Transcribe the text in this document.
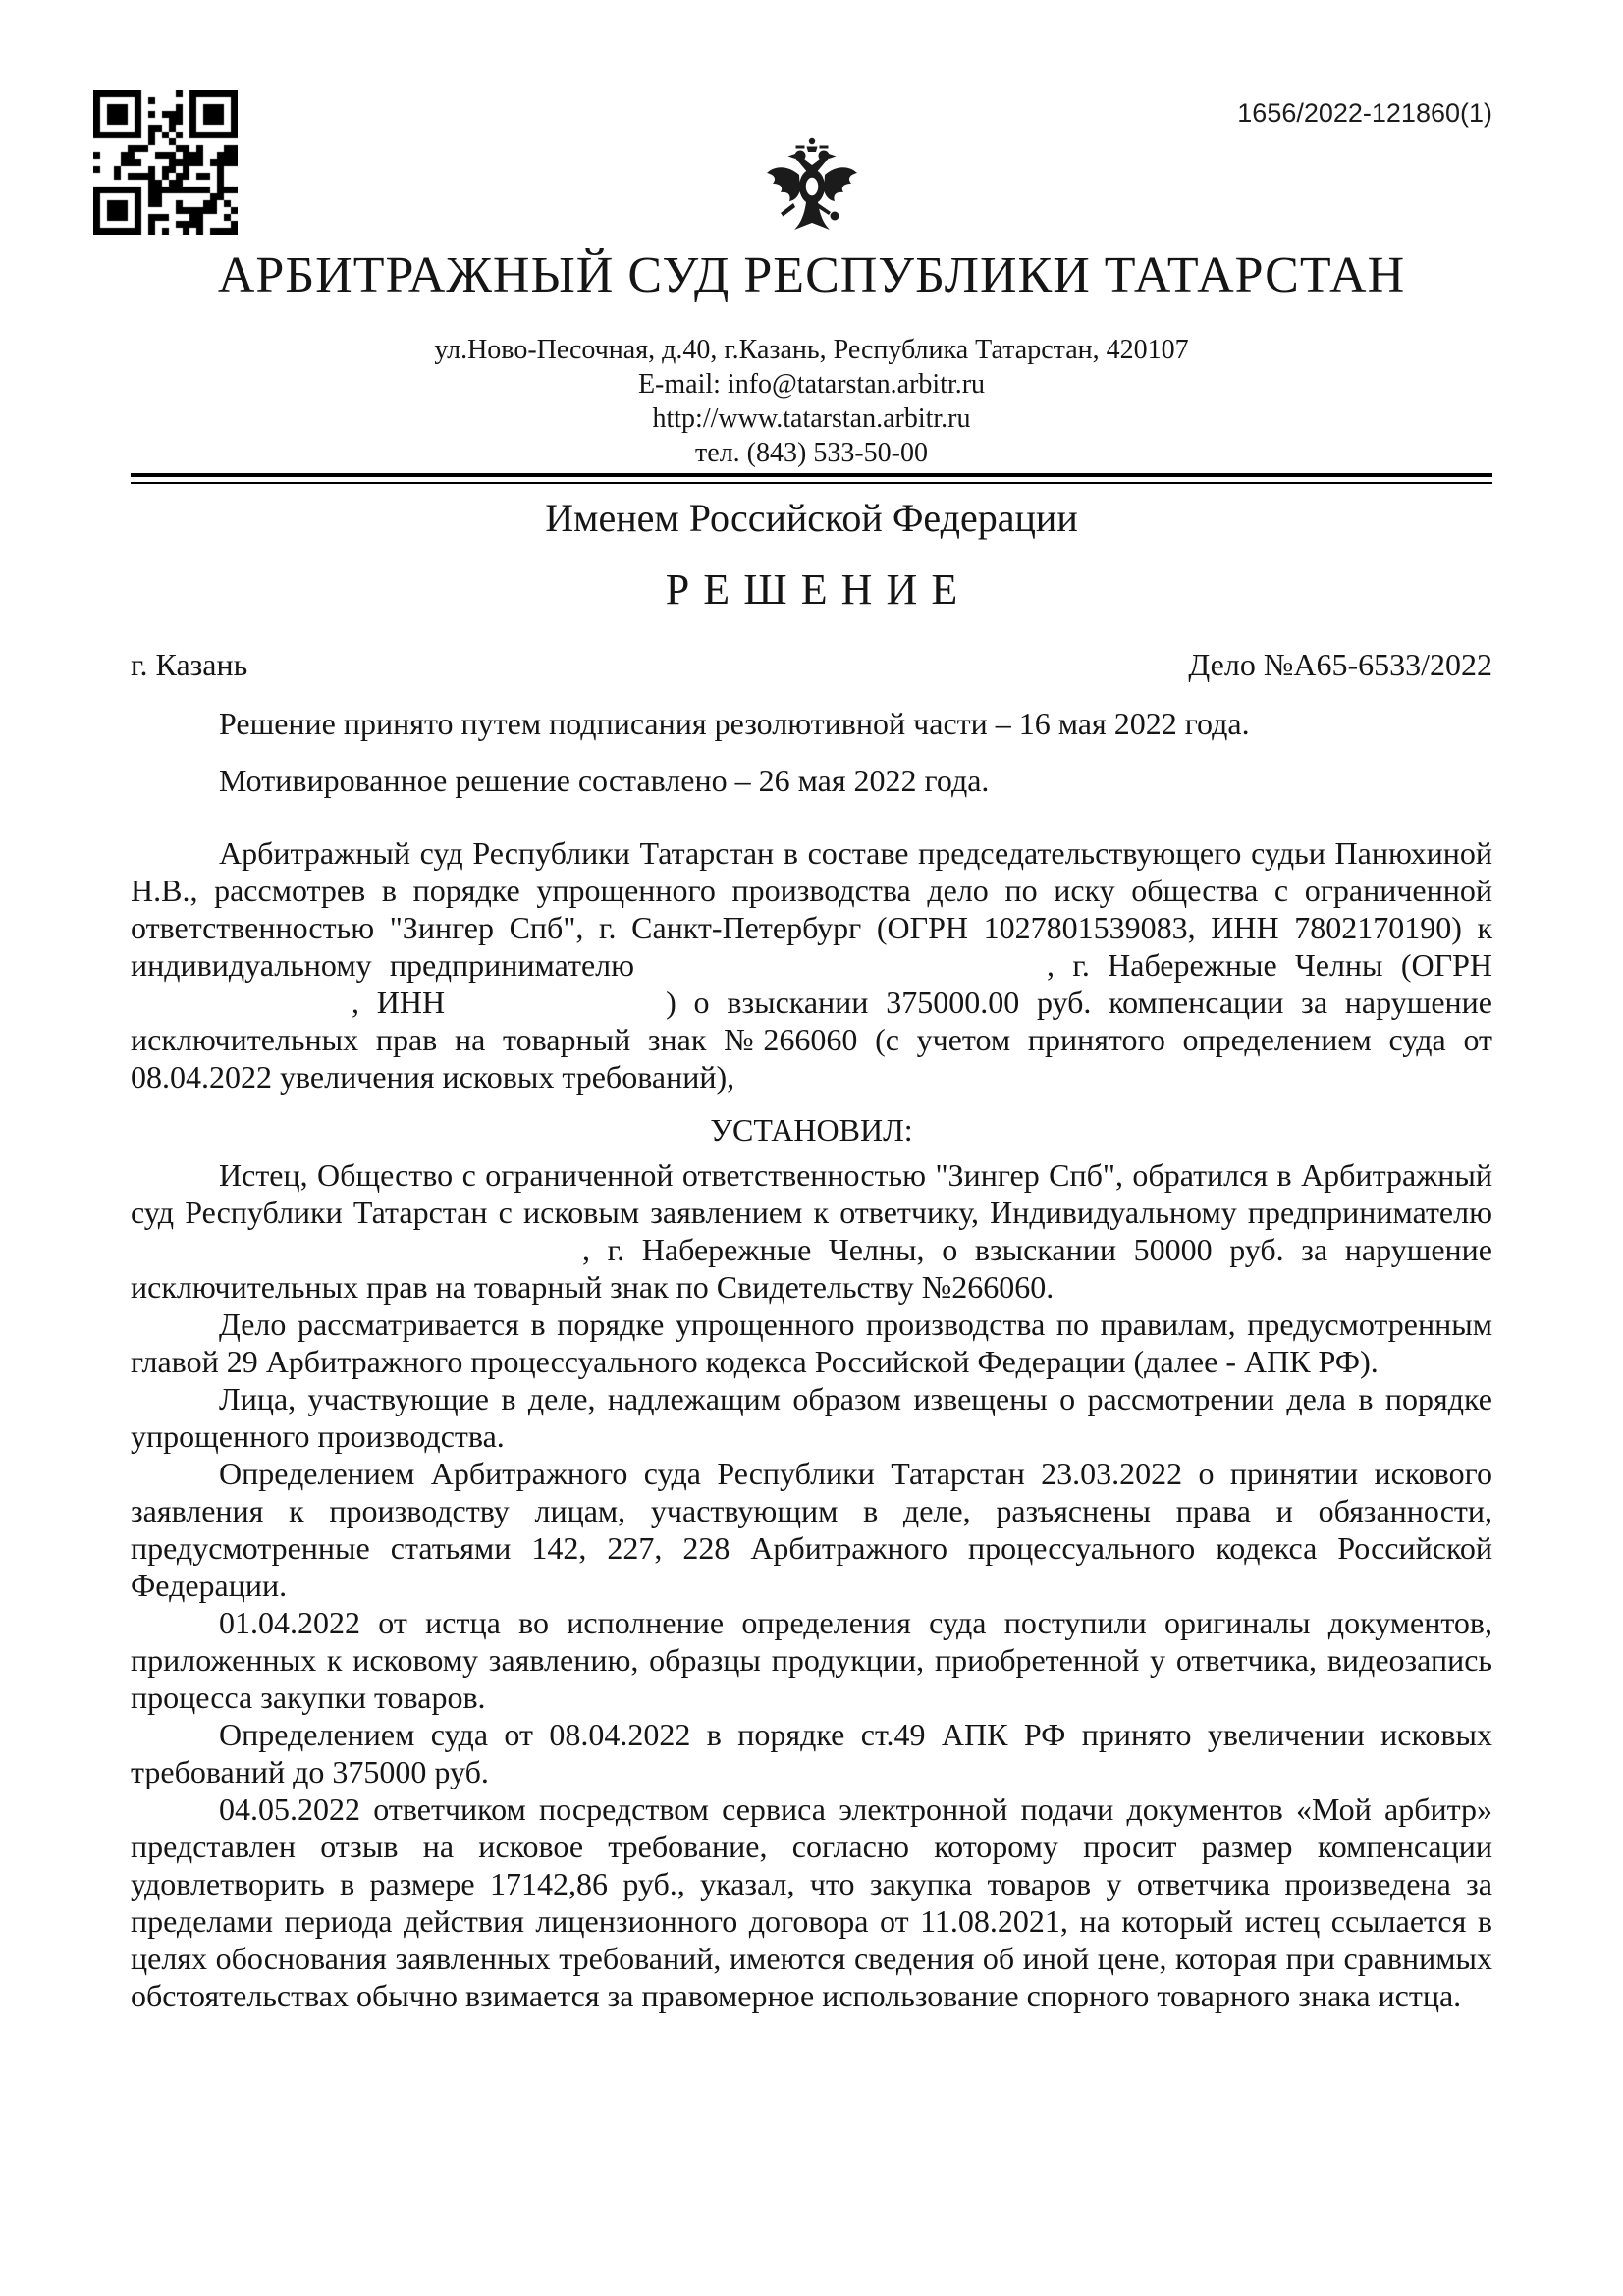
1656/2022-121860(1)
АРБИТРАЖНЫЙ СУД РЕСПУБЛИКИ ТАТАРСТАН
ул.Ново-Песочная, д.40, г.Казань, Республика Татарстан, 420107
E-mail: info@tatarstan.arbitr.ru
http://www.tatarstan.arbitr.ru
тел. (843) 533-50-00
Именем Российской Федерации
РЕШЕНИЕ
г. Казань	Дело №А65-6533/2022
Решение принято путем подписания резолютивной части – 16 мая 2022 года.
Мотивированное решение составлено – 26 мая 2022 года.

Арбитражный суд Республики Татарстан в составе председательствующего судьи Панюхиной Н.В., рассмотрев в порядке упрощенного производства дело по иску общества с ограниченной ответственностью "Зингер Спб", г. Санкт-Петербург (ОГРН 1027801539083, ИНН 7802170190) к индивидуальному предпринимателю	, г. Набережные Челны (ОГРН, ИНН	) о взыскании 375000.00 руб. компенсации за нарушение исключительных прав на товарный знак №266060 (с учетом принятого определением суда от 08.04.2022 увеличения исковых требований),

УСТАНОВИЛ:

Истец, Общество с ограниченной ответственностью "Зингер Спб", обратился в Арбитражный суд Республики Татарстан с исковым заявлением к ответчику, Индивидуальному предпринимателю, г. Набережные Челны, о взыскании 50000 руб. за нарушение исключительных прав на товарный знак по Свидетельству №266060.

Дело рассматривается в порядке упрощенного производства по правилам, предусмотренным главой 29 Арбитражного процессуального кодекса Российской Федерации (далее - АПК РФ).

Лица, участвующие в деле, надлежащим образом извещены о рассмотрении дела в порядке упрощенного производства.

Определением Арбитражного суда Республики Татарстан 23.03.2022 о принятии искового заявления к производству лицам, участвующим в деле, разъяснены права и обязанности, предусмотренные статьями 142, 227, 228 Арбитражного процессуального кодекса Российской Федерации.

01.04.2022 от истца во исполнение определения суда поступили оригиналы документов, приложенных к исковому заявлению, образцы продукции, приобретенной у ответчика, видеозапись процесса закупки товаров.

Определением суда от 08.04.2022 в порядке ст.49 АПК РФ принято увеличении исковых требований до 375000 руб.

04.05.2022 ответчиком посредством сервиса электронной подачи документов «Мой арбитр» представлен отзыв на исковое требование, согласно которому просит размер компенсации удовлетворить в размере 17142,86 руб., указал, что закупка товаров у ответчика произведена за пределами периода действия лицензионного договора от 11.08.2021, на который истец ссылается в целях обоснования заявленных требований, имеются сведения об иной цене, которая при сравнимых обстоятельствах обычно взимается за правомерное использование спорного товарного знака истца.
